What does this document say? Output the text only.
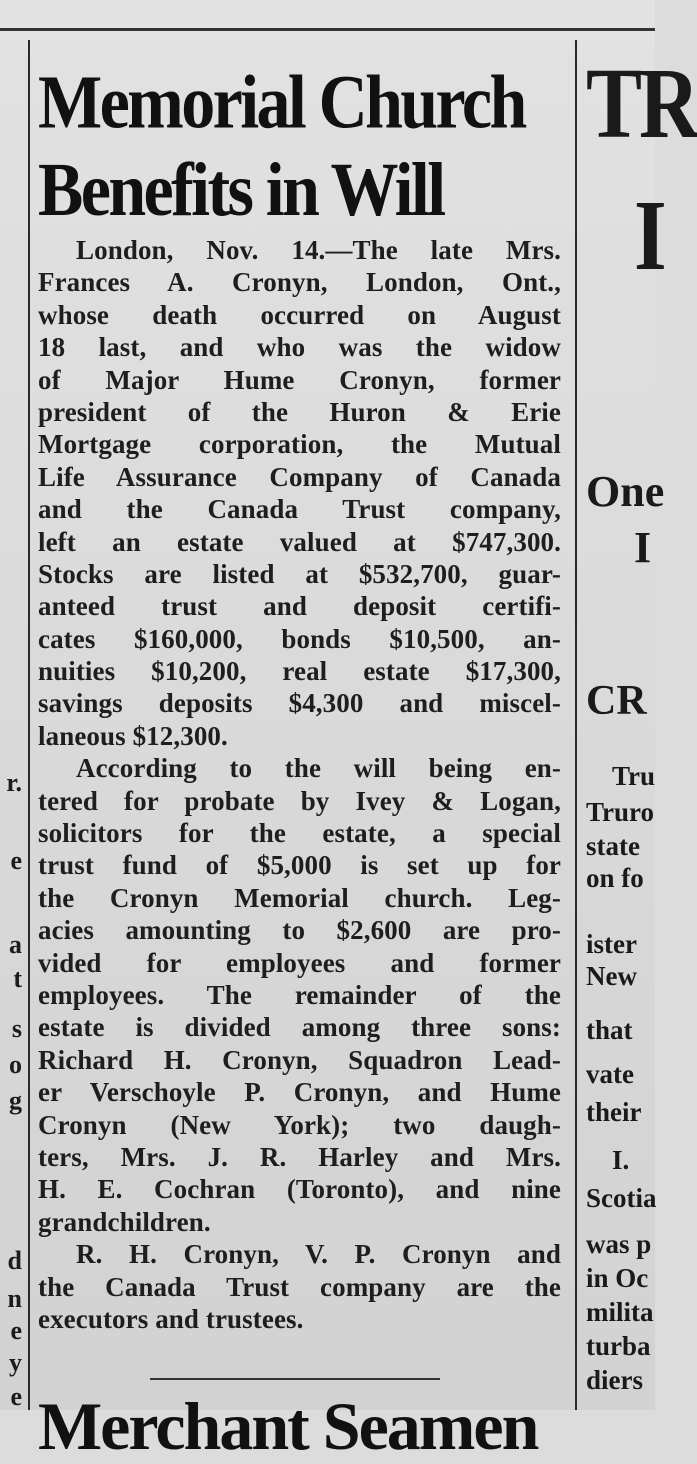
r.
e
a
t
s
o
g
d
n
e
y
e
Memorial Church
Benefits in Will

London, Nov. 14.—The late Mrs.
Frances A. Cronyn, London, Ont.,
whose death occurred on August
18 last, and who was the widow
of Major Hume Cronyn, former
president of the Huron & Erie
Mortgage corporation, the Mutual
Life Assurance Company of Canada
and the Canada Trust company,
left an estate valued at $747,300.
Stocks are listed at $532,700, guar-
anteed trust and deposit certifi-
cates $160,000, bonds $10,500, an-
nuities $10,200, real estate $17,300,
savings deposits $4,300 and miscel-
laneous $12,300.

According to the will being en-
tered for probate by Ivey & Logan,
solicitors for the estate, a special
trust fund of $5,000 is set up for
the Cronyn Memorial church. Leg-
acies amounting to $2,600 are pro-
vided for employees and former
employees. The remainder of the
estate is divided among three sons:
Richard H. Cronyn, Squadron Lead-
er Verschoyle P. Cronyn, and Hume
Cronyn (New York); two daugh-
ters, Mrs. J. R. Harley and Mrs.
H. E. Cochran (Toronto), and nine
grandchildren.

R. H. Cronyn, V. P. Cronyn and
the Canada Trust company are the
executors and trustees.

Merchant Seamen
TR
I
One
I
CR
Tru
Truro
state
on fo
ister
New
that
vate
their
I.
Scotia
was p
in Oc
milita
turba
diers
